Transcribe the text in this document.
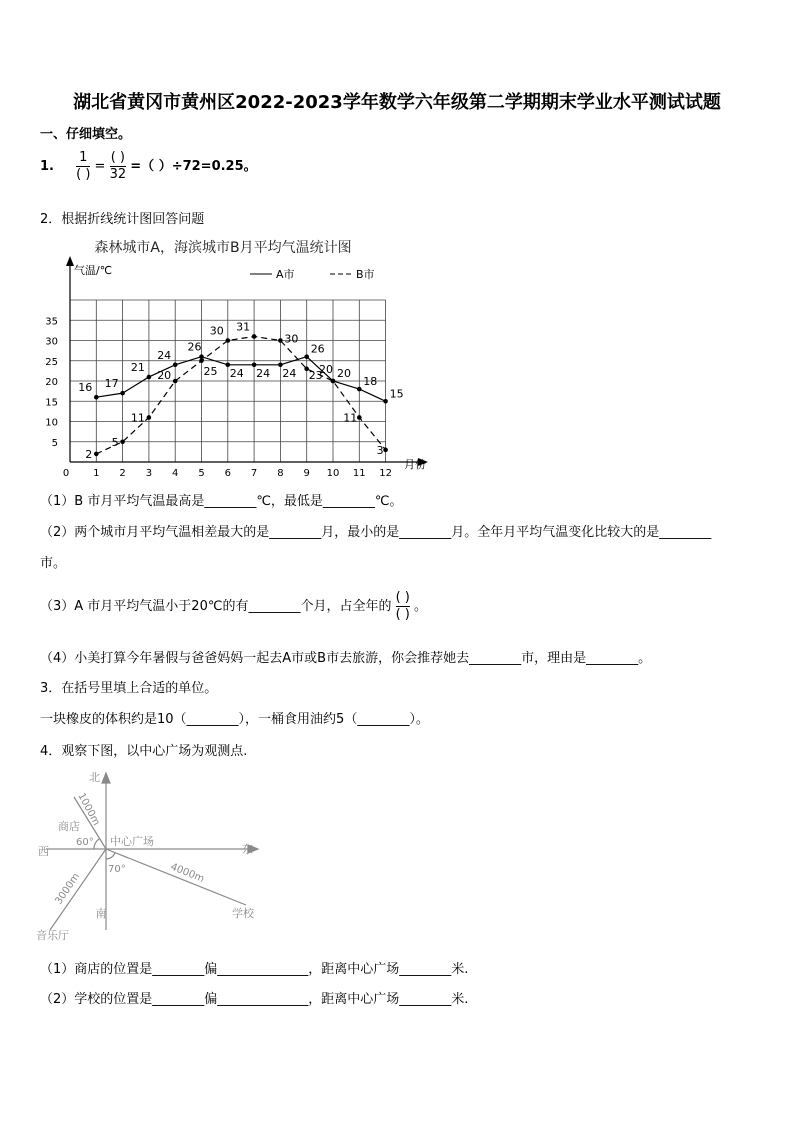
湖北省黄冈市黄州区2022-2023学年数学六年级第二学期期末学业水平测试试题
一、仔细填空。
1. $\frac{1}{( )} = \frac{( )}{32}$ =（ ）÷72=0.25。
2．根据折线统计图回答问题
森林城市A，海滨城市B月平均气温统计图
气温/℃
月份
0 1 2 3 4 5 6 7 8 9 10 11 12
5
10
15
20
25
30
35
A市	B市
16 17
21
24
26
24 24 24
26
20
18
15
2
5
11
20	25
30 31
30
23
20
11
3
（1）B 市月平均气温最高是________℃，最低是________℃。
（2）两个城市月平均气温相差最大的是________月，最小的是________月。全年月平均气温变化比较大的是________
市。
（3）A 市月平均气温小于20℃的有________个月，占全年的 $\frac{( )}{( )}$ 。
（4）小美打算今年暑假与爸爸妈妈一起去A市或B市去旅游，你会推荐她去________市，理由是________。
3．在括号里填上合适的单位。
一块橡皮的体积约是10（________），一桶食用油约5（________）。
4．观察下图，以中心广场为观测点.
北
南
东
西
中心广场
商店
学校
音乐厅
60°
70°
1000m
4000m
3000m
（1）商店的位置是________偏______________，距离中心广场________米.
（2）学校的位置是________偏______________，距离中心广场________米.
